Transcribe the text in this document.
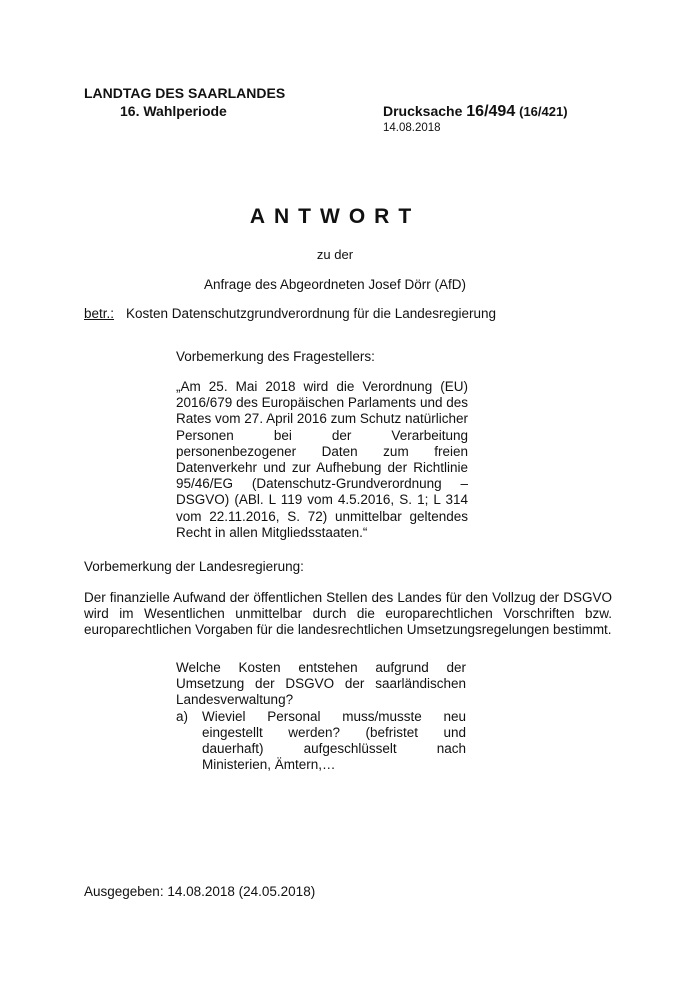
LANDTAG DES SAARLANDES
16. Wahlperiode	Drucksache 16/494 (16/421)
14.08.2018
ANTWORT
zu der
Anfrage des Abgeordneten Josef Dörr (AfD)
betr.: Kosten Datenschutzgrundverordnung für die Landesregierung
Vorbemerkung des Fragestellers:
„Am 25. Mai 2018 wird die Verordnung (EU) 2016/679 des Europäischen Parlaments und des Rates vom 27. April 2016 zum Schutz natürlicher Personen bei der Verarbeitung personenbezogener Daten zum freien Datenverkehr und zur Aufhebung der Richtlinie 95/46/EG (Datenschutz-Grundverordnung – DSGVO) (ABl. L 119 vom 4.5.2016, S. 1; L 314 vom 22.11.2016, S. 72) unmittelbar geltendes Recht in allen Mitgliedsstaaten.“
Vorbemerkung der Landesregierung:
Der finanzielle Aufwand der öffentlichen Stellen des Landes für den Vollzug der DSGVO wird im Wesentlichen unmittelbar durch die europarechtlichen Vorschriften bzw. europarechtlichen Vorgaben für die landesrechtlichen Umsetzungsregelungen bestimmt.
Welche Kosten entstehen aufgrund der Umsetzung der DSGVO der saarländischen Landesverwaltung?
a)	Wieviel Personal muss/musste neu eingestellt werden? (befristet und dauerhaft) aufgeschlüsselt nach Ministerien, Ämtern,…
Ausgegeben: 14.08.2018 (24.05.2018)
